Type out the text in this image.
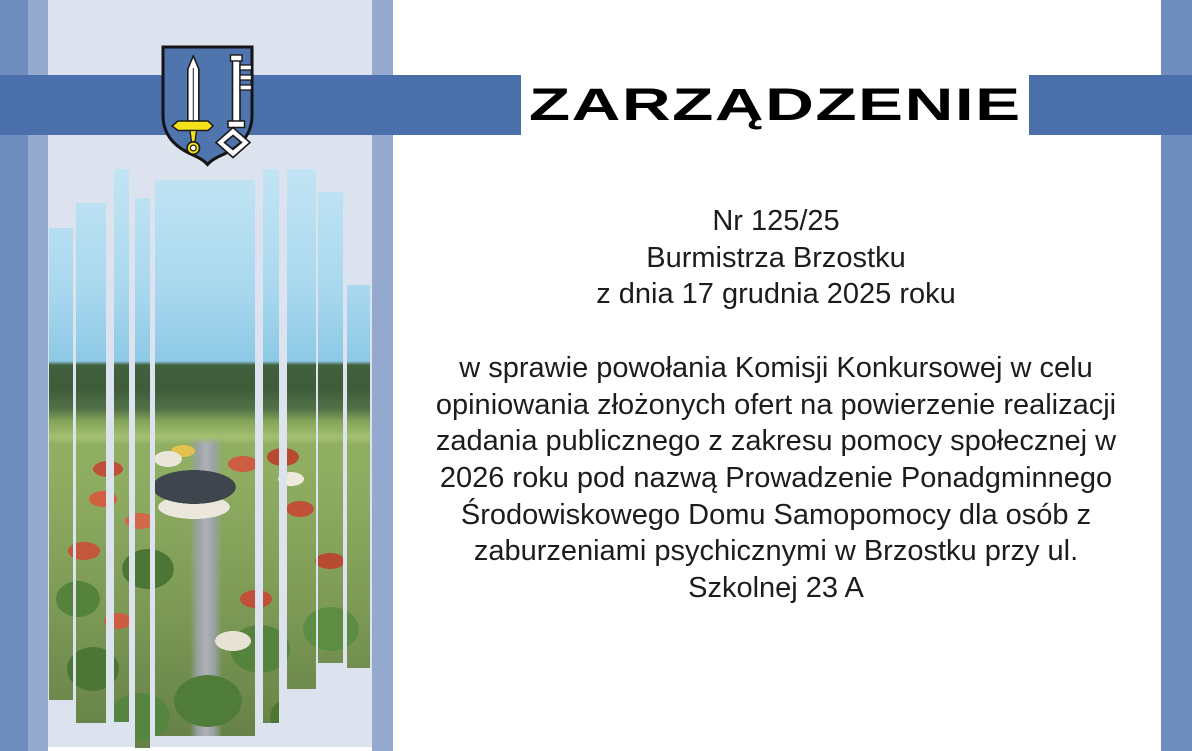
ZARZĄDZENIE
Nr 125/25
Burmistrza Brzostku
z dnia 17 grudnia 2025 roku
w sprawie powołania Komisji Konkursowej w celu
opiniowania złożonych ofert na powierzenie realizacji
zadania publicznego z zakresu pomocy społecznej w
2026 roku pod nazwą Prowadzenie Ponadgminnego
Środowiskowego Domu Samopomocy dla osób z
zaburzeniami psychicznymi w Brzostku przy ul.
Szkolnej 23 A
